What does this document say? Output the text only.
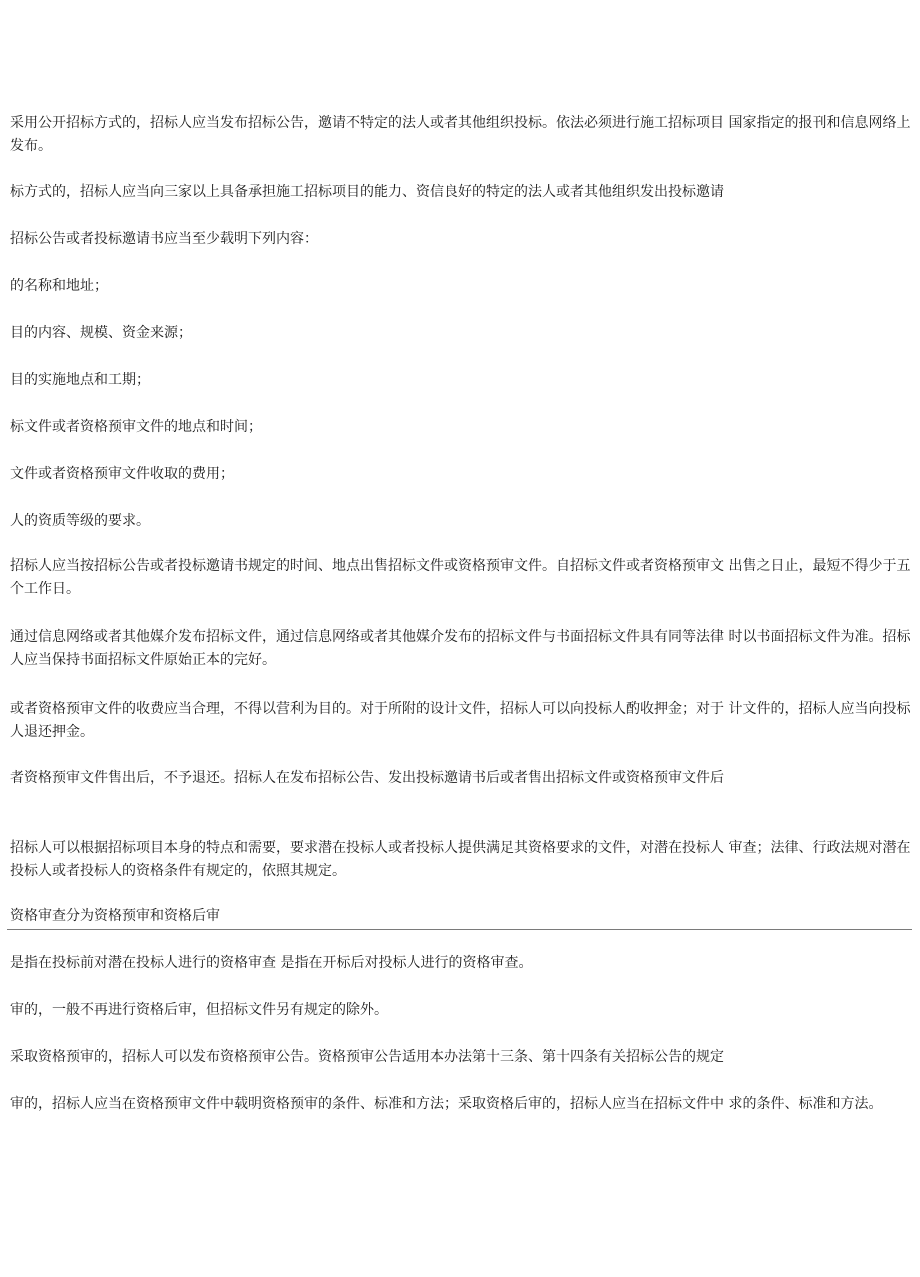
采用公开招标方式的，招标人应当发布招标公告，邀请不特定的法人或者其他组织投标。依法必须进行施工招标项目 国家指定的报刊和信息网络上发布。

标方式的，招标人应当向三家以上具备承担施工招标项目的能力、资信良好的特定的法人或者其他组织发出投标邀请

招标公告或者投标邀请书应当至少载明下列内容：

的名称和地址；

目的内容、规模、资金来源；

目的实施地点和工期；

标文件或者资格预审文件的地点和时间；

文件或者资格预审文件收取的费用；

人的资质等级的要求。

招标人应当按招标公告或者投标邀请书规定的时间、地点出售招标文件或资格预审文件。自招标文件或者资格预审文 出售之日止，最短不得少于五个工作日。

通过信息网络或者其他媒介发布招标文件，通过信息网络或者其他媒介发布的招标文件与书面招标文件具有同等法律 时以书面招标文件为准。招标人应当保持书面招标文件原始正本的完好。

或者资格预审文件的收费应当合理，不得以营利为目的。对于所附的设计文件，招标人可以向投标人酌收押金；对于 计文件的，招标人应当向投标人退还押金。

者资格预审文件售出后，不予退还。招标人在发布招标公告、发出投标邀请书后或者售出招标文件或资格预审文件后

招标人可以根据招标项目本身的特点和需要，要求潜在投标人或者投标人提供满足其资格要求的文件，对潜在投标人 审查；法律、行政法规对潜在投标人或者投标人的资格条件有规定的，依照其规定。

资格审查分为资格预审和资格后审

是指在投标前对潜在投标人进行的资格审查 是指在开标后对投标人进行的资格审查。

审的，一般不再进行资格后审，但招标文件另有规定的除外。

采取资格预审的，招标人可以发布资格预审公告。资格预审公告适用本办法第十三条、第十四条有关招标公告的规定

审的，招标人应当在资格预审文件中载明资格预审的条件、标准和方法；采取资格后审的，招标人应当在招标文件中 求的条件、标准和方法。
